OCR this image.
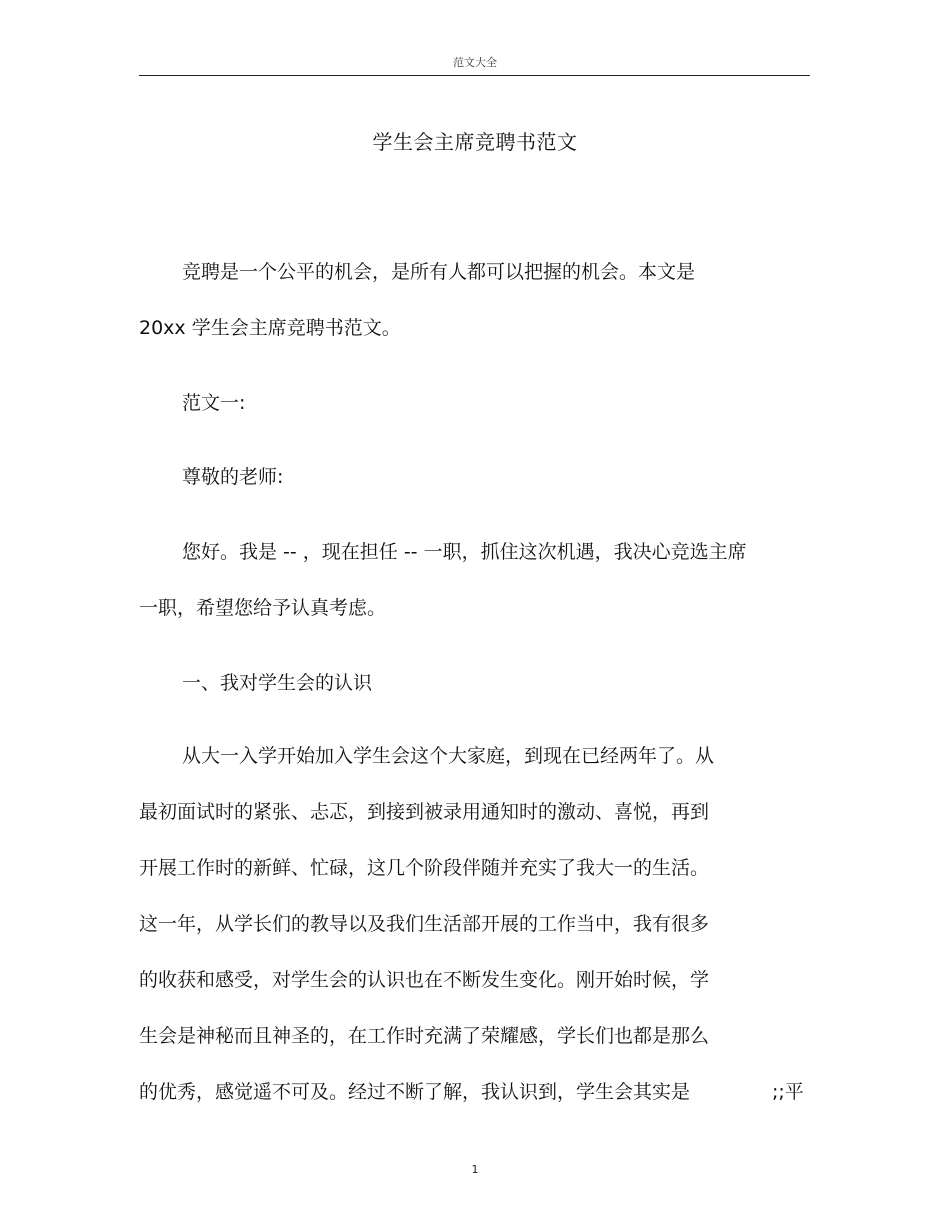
范文大全
学生会主席竞聘书范文
竞聘是一个公平的机会，是所有人都可以把握的机会。本文是
20xx 学生会主席竞聘书范文。
范文一:
尊敬的老师:
您好。我是 -- ，现在担任 -- 一职，抓住这次机遇，我决心竞选主席
一职，希望您给予认真考虑。
一、我对学生会的认识
从大一入学开始加入学生会这个大家庭，到现在已经两年了。从
最初面试时的紧张、忐忑，到接到被录用通知时的激动、喜悦，再到
开展工作时的新鲜、忙碌，这几个阶段伴随并充实了我大一的生活。
这一年，从学长们的教导以及我们生活部开展的工作当中，我有很多
的收获和感受，对学生会的认识也在不断发生变化。刚开始时候，学
生会是神秘而且神圣的，在工作时充满了荣耀感，学长们也都是那么
的优秀，感觉遥不可及。经过不断了解，我认识到，学生会其实是	;;平
1
